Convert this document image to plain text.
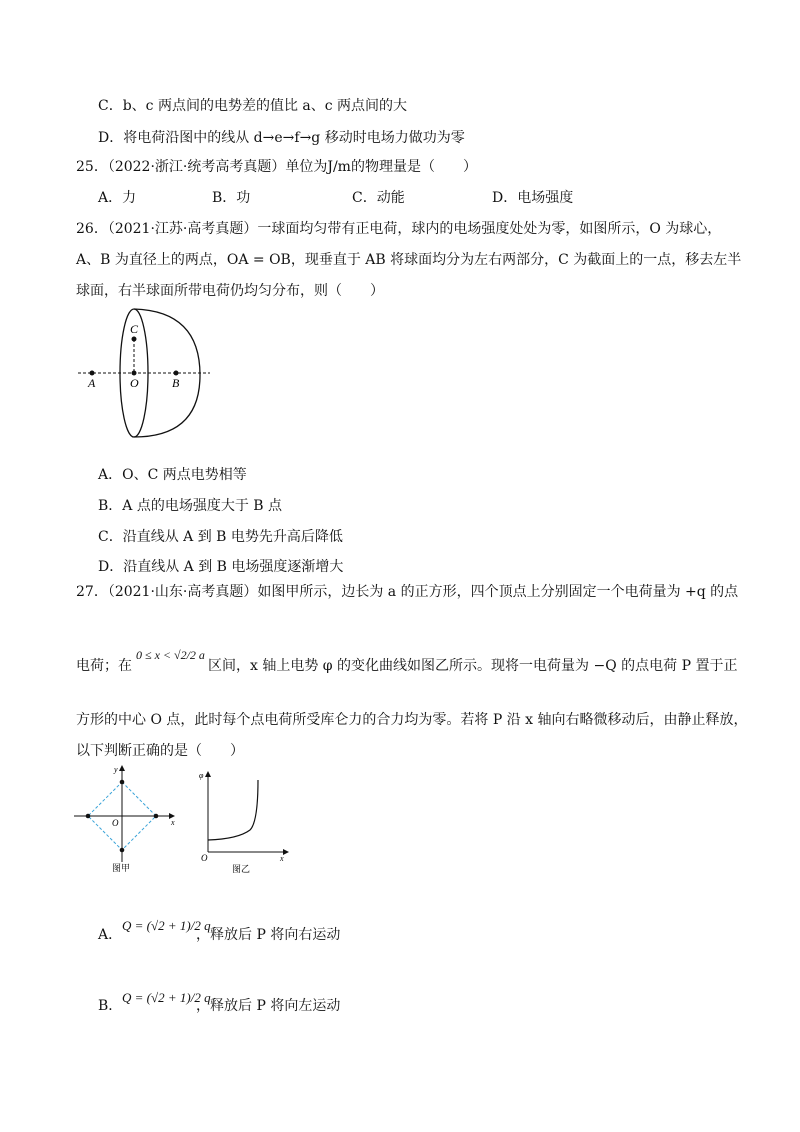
C．b、c 两点间的电势差的值比 a、c 两点间的大
D．将电荷沿图中的线从 d→e→f→g 移动时电场力做功为零
25．（2022·浙江·统考高考真题）单位为J/m的物理量是（　　）
A．力	B．功	C．动能	D．电场强度
26．（2021·江苏·高考真题）一球面均匀带有正电荷，球内的电场强度处处为零，如图所示，O 为球心，
A、B 为直径上的两点，OA = OB，现垂直于 AB 将球面均分为左右两部分，C 为截面上的一点，移去左半
球面，右半球面所带电荷仍均匀分布，则（　　）
A	O	B
C
A．O、C 两点电势相等
B．A 点的电场强度大于 B 点
C．沿直线从 A 到 B 电势先升高后降低
D．沿直线从 A 到 B 电场强度逐渐增大
27．（2021·山东·高考真题）如图甲所示，边长为 a 的正方形，四个顶点上分别固定一个电荷量为 +q 的点
电荷；在
0 ≤ x < √2/2 a
区间，x 轴上电势 φ 的变化曲线如图乙所示。现将一电荷量为 −Q 的点电荷 P 置于正
方形的中心 O 点，此时每个点电荷所受库仑力的合力均为零。若将 P 沿 x 轴向右略微移动后，由静止释放，
以下判断正确的是（　　）
y
x
O
图甲
φ
x
O
图乙
A．
Q = (√2 + 1)/2 q
，释放后 P 将向右运动
B．
Q = (√2 + 1)/2 q
，释放后 P 将向左运动
